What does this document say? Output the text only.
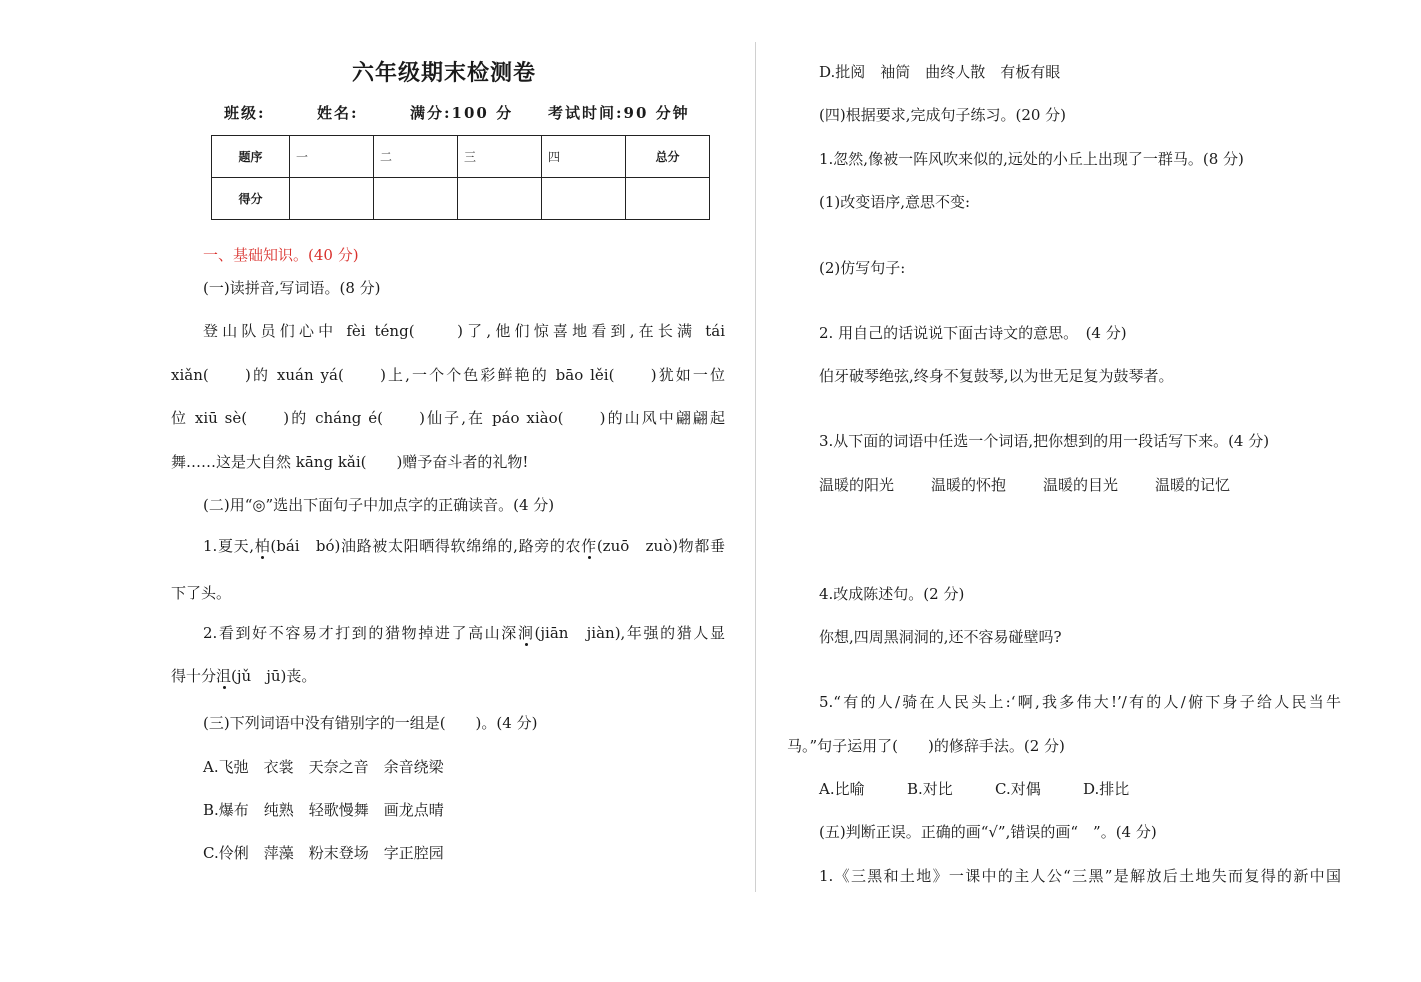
六年级期末检测卷
班级:	姓名:	满分:100 分 考试时间:90 分钟
题序	一	二	三	四	总分
得分					
一、基础知识。(40 分)
(一)读拼音,写词语。(8 分)
登山队员们心中 fèi téng(　　)了,他们惊喜地看到,在长满 tái
xiǎn(　　)的 xuán yá(　　)上,一个个色彩鲜艳的 bāo lěi(　　)犹如一位
位 xiū sè(　　)的 cháng é(　　)仙子,在 páo xiào(　　)的山风中翩翩起
舞……这是大自然 kāng kǎi(　　)赠予奋斗者的礼物!
(二)用“◎”选出下面句子中加点字的正确读音。(4 分)
1.夏天,柏(bái　bó)油路被太阳晒得软绵绵的,路旁的农作(zuō　zuò)物都垂
下了头。
2.看到好不容易才打到的猎物掉进了高山深涧(jiān　jiàn),年强的猎人显
得十分沮(jǔ　jū)丧。
(三)下列词语中没有错别字的一组是(　　)。(4 分)
A.飞弛　衣裳　天奈之音　余音绕梁
B.爆布　纯熟　轻歌慢舞　画龙点晴
C.伶俐　萍藻　粉末登场　字正腔园
D.批阅　袖筒　曲终人散　有板有眼
(四)根据要求,完成句子练习。(20 分)
1.忽然,像被一阵风吹来似的,远处的小丘上出现了一群马。(8 分)
(1)改变语序,意思不变:
(2)仿写句子:
2. 用自己的话说说下面古诗文的意思。　(4 分)
伯牙破琴绝弦,终身不复鼓琴,以为世无足复为鼓琴者。
3.从下面的词语中任选一个词语,把你想到的用一段话写下来。(4 分)
温暖的阳光 温暖的怀抱 温暖的目光 温暖的记忆
4.改成陈述句。(2 分)
你想,四周黑洞洞的,还不容易碰壁吗?
5.“有的人/骑在人民头上:‘啊,我多伟大!’/有的人/俯下身子给人民当牛
马。”句子运用了(　　)的修辞手法。(2 分)
A.比喻	B.对比	C.对偶	D.排比
(五)判断正误。正确的画“√”,错误的画“　”。(4 分)
1.《三黑和土地》一课中的主人公“三黑”是解放后土地失而复得的新中国
